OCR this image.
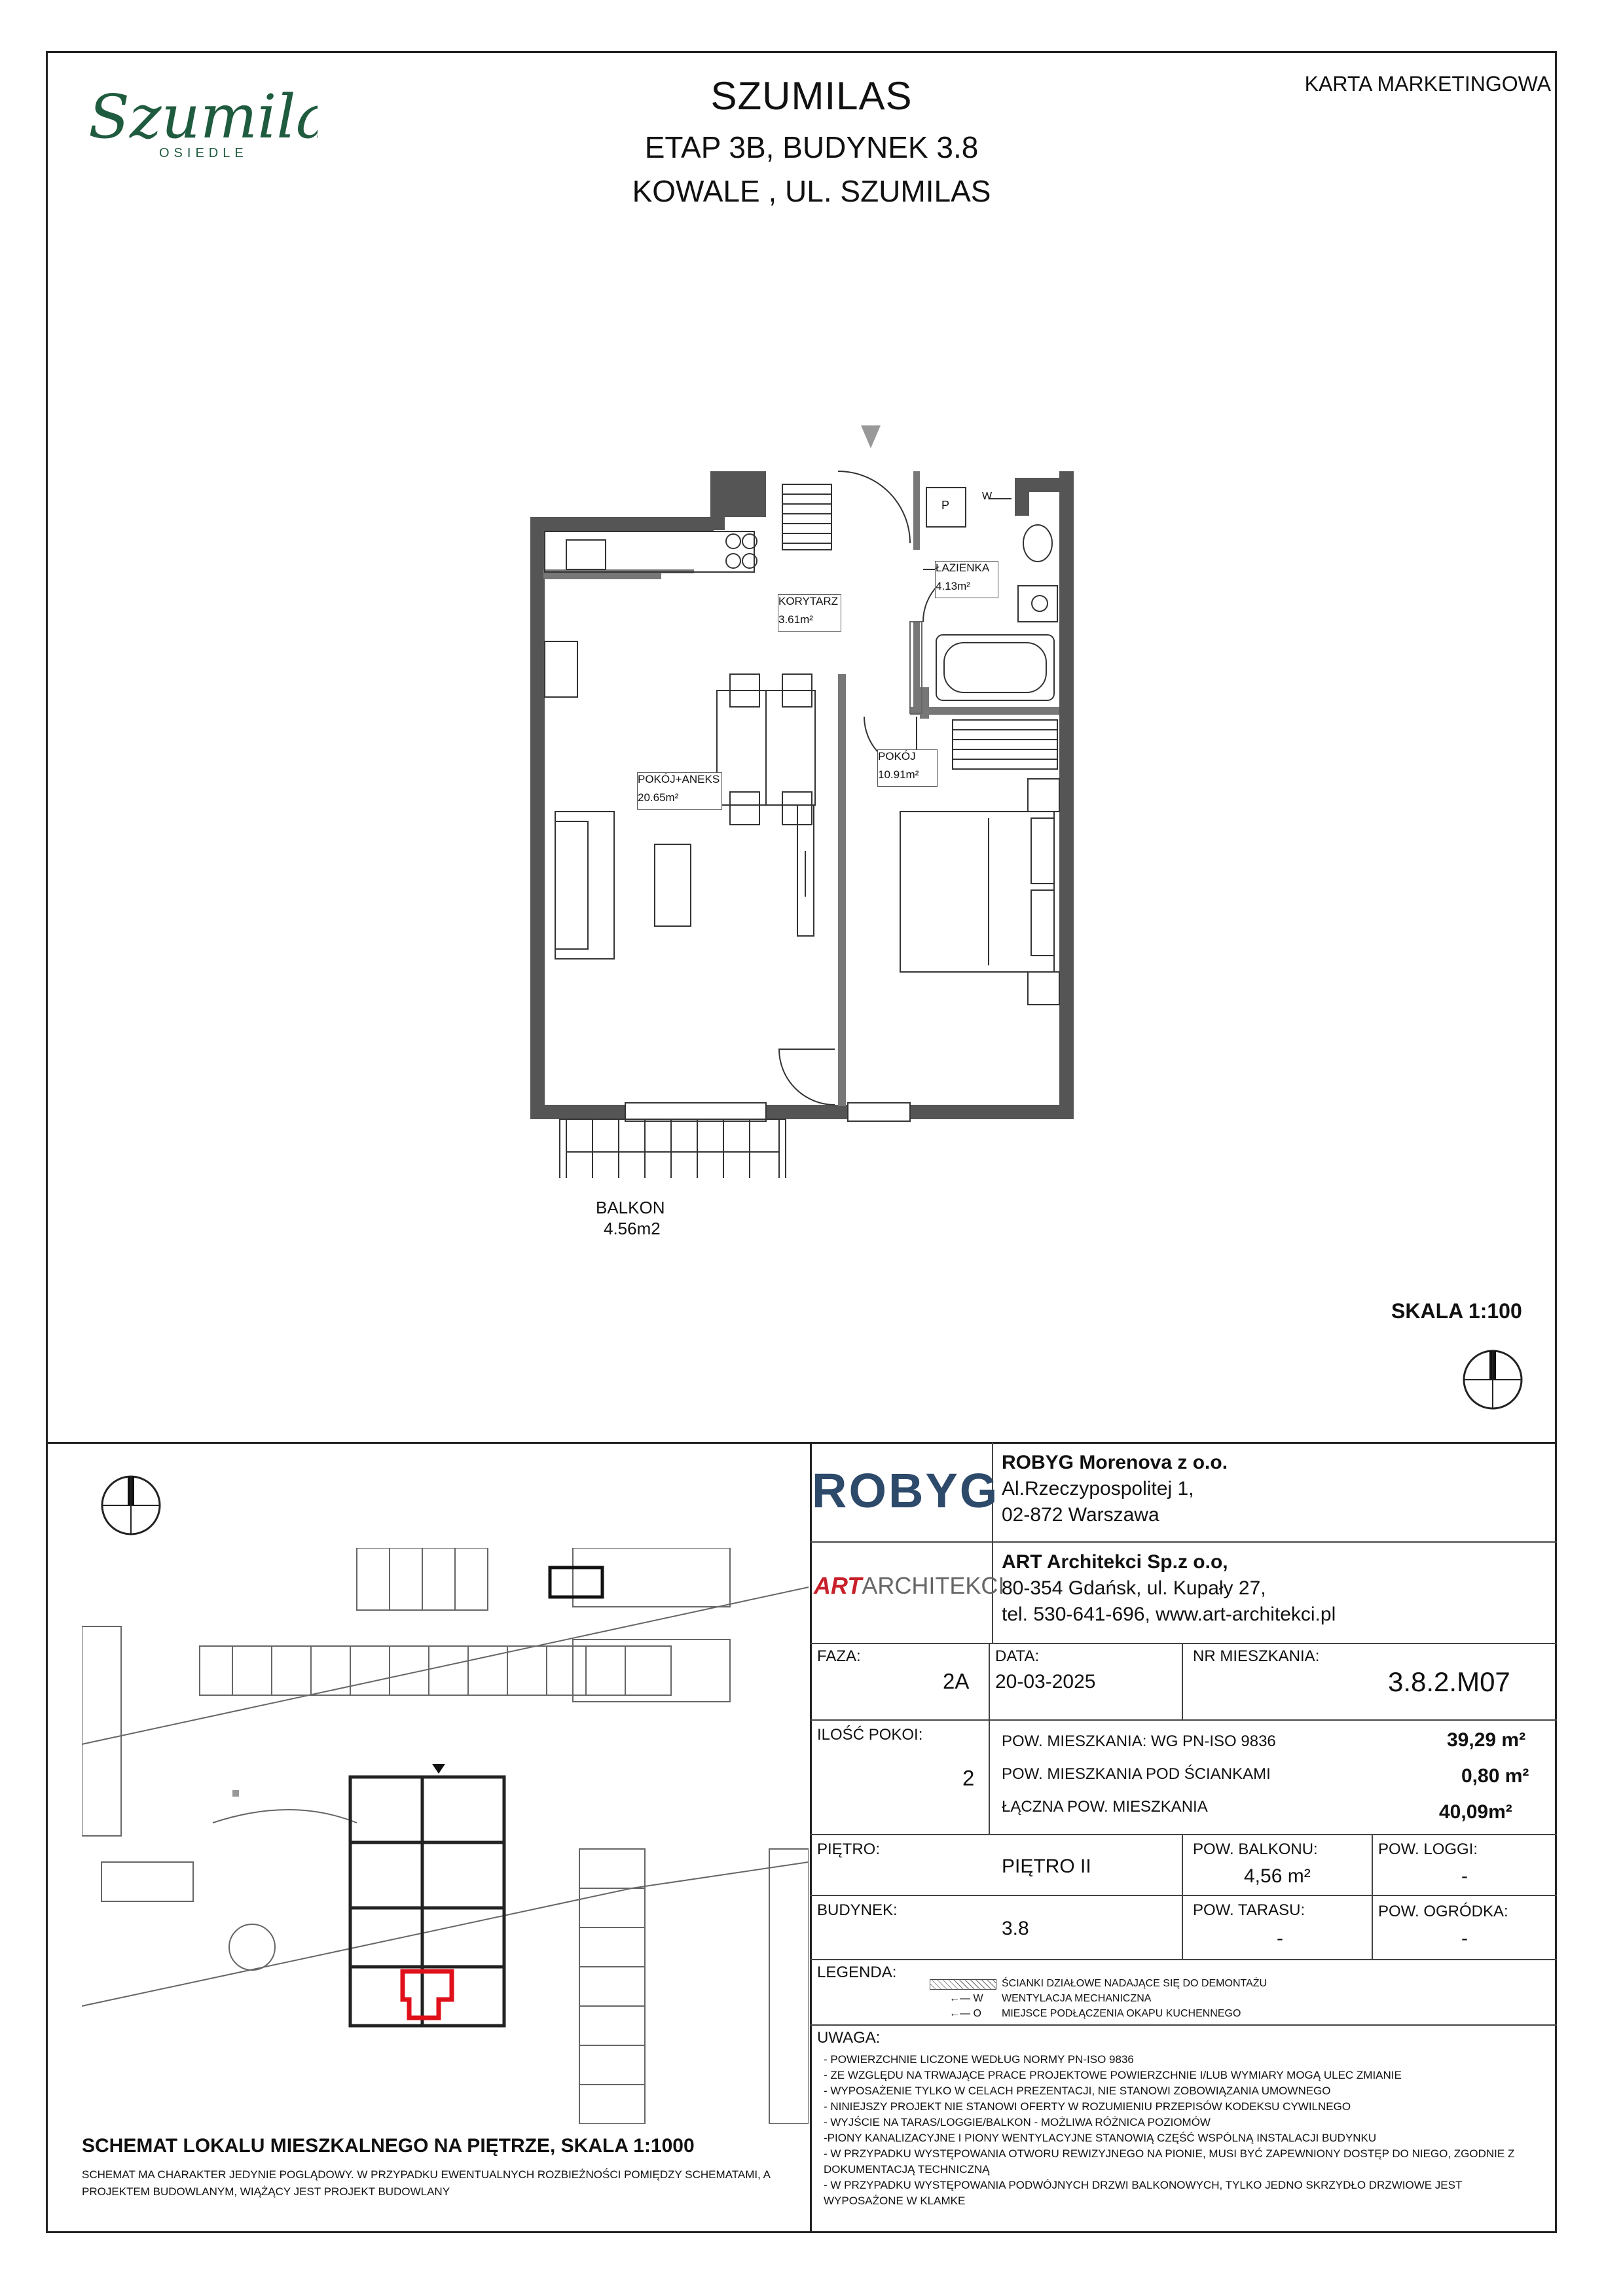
Szumil
OSIEDLE
SZUMILAS
ETAP 3B, BUDYNEK 3.8
KOWALE , UL. SZUMILAS
KARTA MARKETINGOWA
KORYTARZ
3.61m²
ŁAZIENKA
4.13m²
POKÓJ
10.91m²
POKÓJ+ANEKS
20.65m²
P
W
BALKON
4.56m2
SKALA 1:100
SCHEMAT LOKALU MIESZKALNEGO NA PIĘTRZE, SKALA 1:1000
SCHEMAT MA CHARAKTER JEDYNIE POGLĄDOWY. W PRZYPADKU EWENTUALNYCH ROZBIEŻNOŚCI POMIĘDZY SCHEMATAMI, A PROJEKTEM BUDOWLANYM, WIĄŻĄCY JEST PROJEKT BUDOWLANY
ROBYG
ROBYG Morenova z o.o.
Al.Rzeczypospolitej 1,
02-872 Warszawa
ARTARCHITEKCI
ART Architekci Sp.z o.o,
80-354 Gdańsk, ul. Kupały 27,
tel. 530-641-696, www.art-architekci.pl
FAZA:
2A
DATA:
20-03-2025
NR MIESZKANIA:
3.8.2.M07
ILOŚĆ POKOI:
2
POW. MIESZKANIA: WG PN-ISO 9836	39,29 m²
POW. MIESZKANIA POD ŚCIANKAMI	0,80 m²
ŁĄCZNA POW. MIESZKANIA	40,09m²
PIĘTRO:
PIĘTRO II
POW. BALKONU:
4,56 m²
POW. LOGGI:
-
BUDYNEK:
3.8
POW. TARASU:
-
POW. OGRÓDKA:
-
LEGENDA:
ŚCIANKI DZIAŁOWE NADAJĄCE SIĘ DO DEMONTAŻU
←— W WENTYLACJA MECHANICZNA
←— O MIEJSCE PODŁĄCZENIA OKAPU KUCHENNEGO
UWAGA:
- POWIERZCHNIE LICZONE WEDŁUG NORMY PN-ISO 9836
- ZE WZGLĘDU NA TRWAJĄCE PRACE PROJEKTOWE POWIERZCHNIE I/LUB WYMIARY MOGĄ ULEC ZMIANIE
- WYPOSAŻENIE TYLKO W CELACH PREZENTACJI, NIE STANOWI ZOBOWIĄZANIA UMOWNEGO
- NINIEJSZY PROJEKT NIE STANOWI OFERTY W ROZUMIENIU PRZEPISÓW KODEKSU CYWILNEGO
- WYJŚCIE NA TARAS/LOGGIE/BALKON - MOŻLIWA RÓŻNICA POZIOMÓW
-PIONY KANALIZACYJNE I PIONY WENTYLACYJNE STANOWIĄ CZĘŚĆ WSPÓLNĄ INSTALACJI BUDYNKU
- W PRZYPADKU WYSTĘPOWANIA OTWORU REWIZYJNEGO NA PIONIE, MUSI BYĆ ZAPEWNIONY DOSTĘP DO NIEGO, ZGODNIE Z DOKUMENTACJĄ TECHNICZNĄ
- W PRZYPADKU WYSTĘPOWANIA PODWÓJNYCH DRZWI BALKONOWYCH, TYLKO JEDNO SKRZYDŁO DRZWIOWE JEST WYPOSAŻONE W KLAMKE
